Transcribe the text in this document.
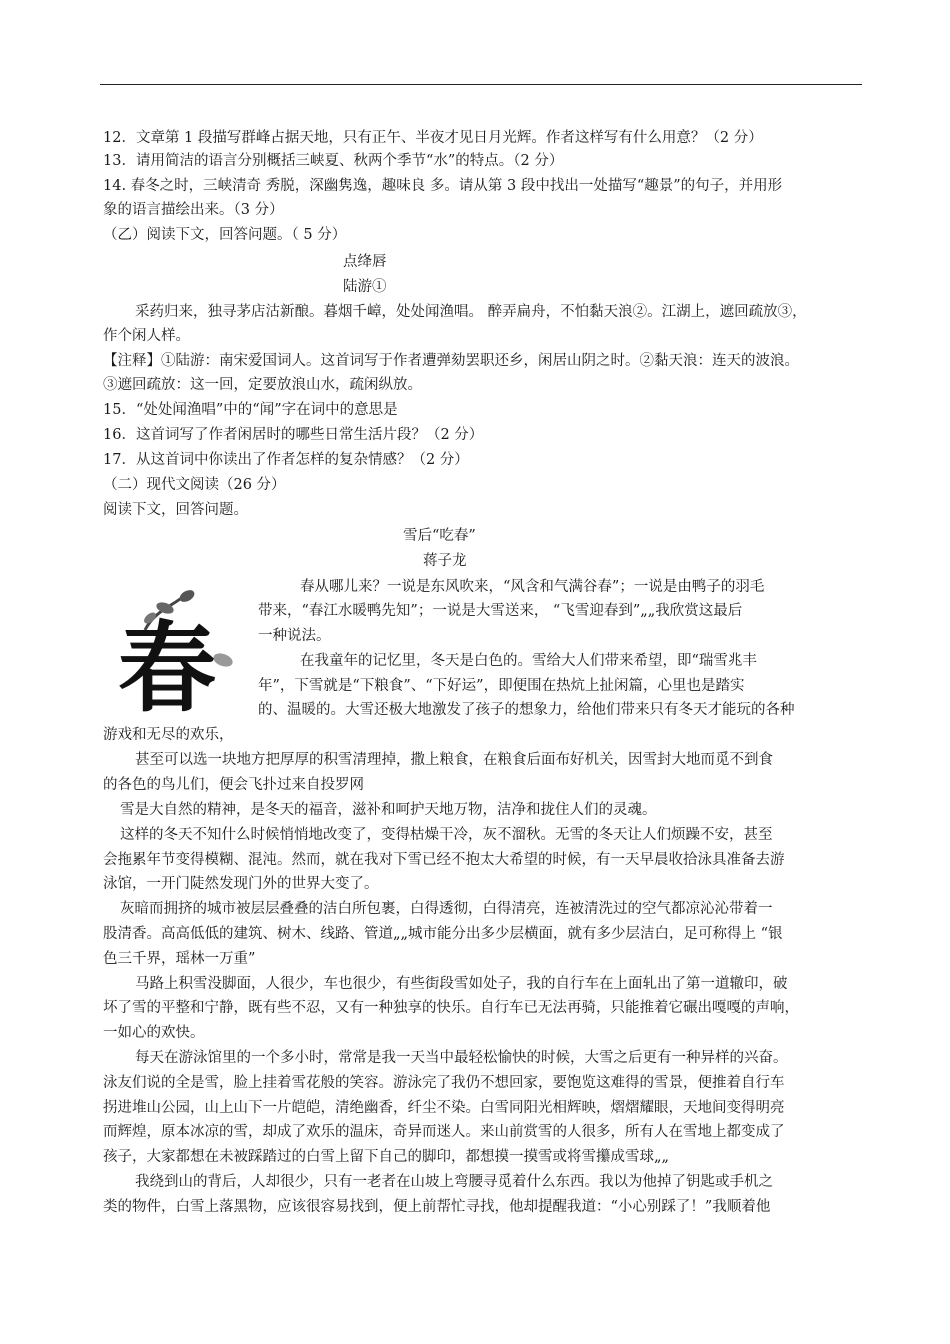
12．文章第 1 段描写群峰占据天地，只有正午、半夜才见日月光辉。作者这样写有什么用意？（2 分）
13．请用简洁的语言分别概括三峡夏、秋两个季节“水”的特点。（2 分）
14. 春冬之时，三峡清奇 秀脱，深幽隽逸，趣味良 多。请从第 3 段中找出一处描写“趣景”的句子，并用形
象的语言描绘出来。（3 分）
（乙）阅读下文，回答问题。（ 5 分）
点绛唇
陆游①
采药归来，独寻茅店沽新酿。暮烟千嶂，处处闻渔唱。 醉弄扁舟，不怕黏天浪②。江湖上，遮回疏放③，
作个闲人样。
【注释】①陆游：南宋爱国词人。这首词写于作者遭弹劾罢职还乡，闲居山阴之时。②黏天浪：连天的波浪。
③遮回疏放：这一回，定要放浪山水，疏闲纵放。
15．“处处闻渔唱”中的“闻”字在词中的意思是
16．这首词写了作者闲居时的哪些日常生活片段？（2 分）
17．从这首词中你读出了作者怎样的复杂情感？（2 分）
（二）现代文阅读（26 分）
阅读下文，回答问题。
雪后“吃春”
蒋子龙
春
春从哪儿来？一说是东风吹来，“风含和气满谷春”；一说是由鸭子的羽毛
带来，“春江水暖鸭先知”；一说是大雪送来， “飞雪迎春到”„„我欣赏这最后
一种说法。
在我童年的记忆里，冬天是白色的。雪给大人们带来希望，即“瑞雪兆丰
年”，下雪就是“下粮食”、“下好运”，即便围在热炕上扯闲篇，心里也是踏实
的、温暖的。大雪还极大地激发了孩子的想象力，给他们带来只有冬天才能玩的各种
游戏和无尽的欢乐，
甚至可以选一块地方把厚厚的积雪清理掉，撒上粮食，在粮食后面布好机关，因雪封大地而觅不到食
的各色的鸟儿们，便会飞扑过来自投罗网
雪是大自然的精神，是冬天的福音，滋补和呵护天地万物，洁净和拢住人们的灵魂。
这样的冬天不知什么时候悄悄地改变了，变得枯燥干冷，灰不溜秋。无雪的冬天让人们烦躁不安，甚至
会拖累年节变得模糊、混沌。然而，就在我对下雪已经不抱太大希望的时候，有一天早晨收拾泳具准备去游
泳馆，一开门陡然发现门外的世界大变了。
灰暗而拥挤的城市被层层叠叠的洁白所包裹，白得透彻，白得清亮，连被清洗过的空气都凉沁沁带着一
股清香。高高低低的建筑、树木、线路、管道„„城市能分出多少层横面，就有多少层洁白，足可称得上 “银
色三千界，瑶林一万重”
马路上积雪没脚面，人很少，车也很少，有些街段雪如处子，我的自行车在上面轧出了第一道辙印，破
坏了雪的平整和宁静，既有些不忍，又有一种独享的快乐。自行车已无法再骑，只能推着它碾出嘎嘎的声响，
一如心的欢快。
每天在游泳馆里的一个多小时，常常是我一天当中最轻松愉快的时候，大雪之后更有一种异样的兴奋。
泳友们说的全是雪，脸上挂着雪花般的笑容。游泳完了我仍不想回家，要饱览这难得的雪景，便推着自行车
拐进堆山公园，山上山下一片皑皑，清绝幽香，纤尘不染。白雪同阳光相辉映，熠熠耀眼，天地间变得明亮
而辉煌，原本冰凉的雪，却成了欢乐的温床，奇异而迷人。来山前赏雪的人很多，所有人在雪地上都变成了
孩子，大家都想在未被踩踏过的白雪上留下自己的脚印，都想摸一摸雪或将雪攥成雪球„„
我绕到山的背后，人却很少，只有一老者在山坡上弯腰寻觅着什么东西。我以为他掉了钥匙或手机之
类的物件，白雪上落黑物，应该很容易找到，便上前帮忙寻找，他却提醒我道：“小心别踩了！”我顺着他
